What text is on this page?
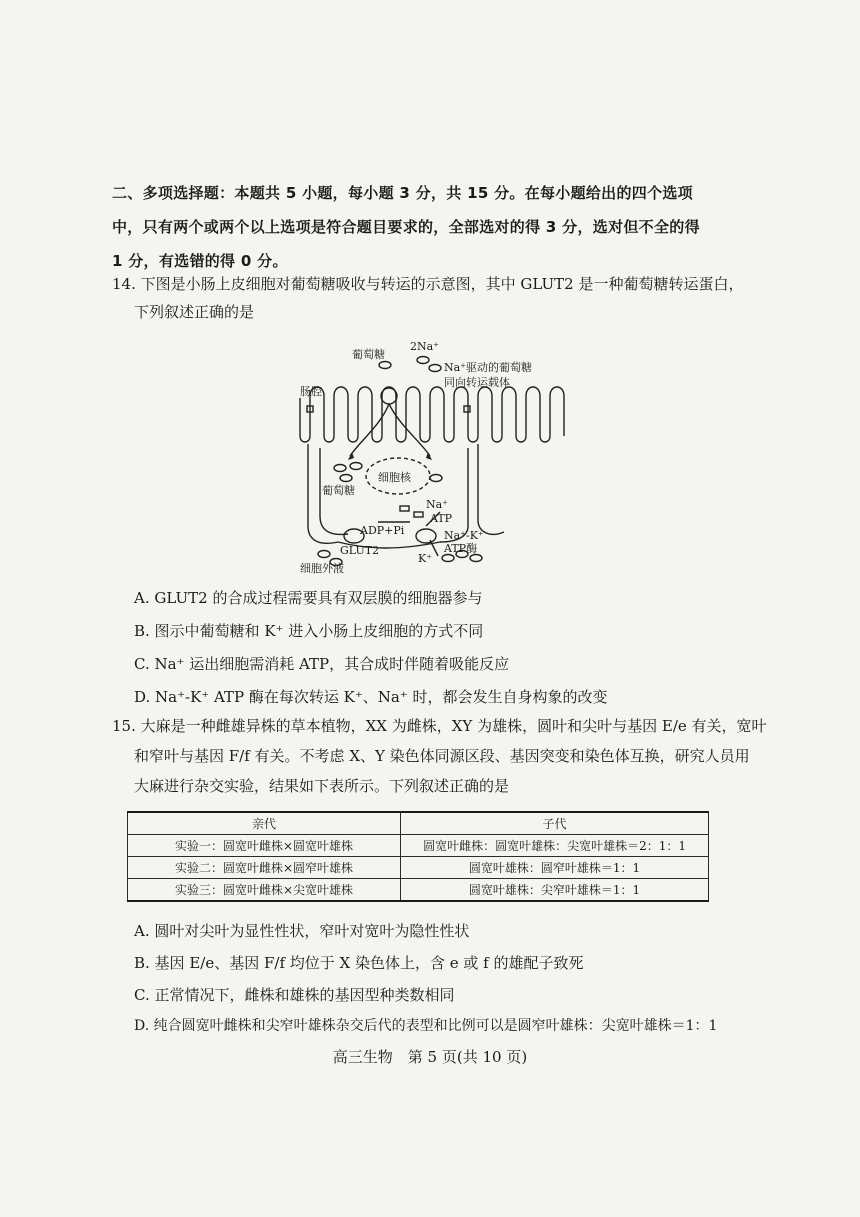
二、多项选择题：本题共 5 小题，每小题 3 分，共 15 分。在每小题给出的四个选项中，只有两个或两个以上选项是符合题目要求的，全部选对的得 3 分，选对但不全的得 1 分，有选错的得 0 分。
14. 下图是小肠上皮细胞对葡萄糖吸收与转运的示意图，其中 GLUT2 是一种葡萄糖转运蛋白，
下列叙述正确的是
葡萄糖
2Na⁺
Na⁺驱动的葡萄糖
同向转运载体
肠腔
细胞核
葡萄糖
Na⁺
ATP
ADP+Pi	Na⁺-K⁺
ATP酶
GLUT2
K⁺
细胞外液
A. GLUT2 的合成过程需要具有双层膜的细胞器参与
B. 图示中葡萄糖和 K⁺ 进入小肠上皮细胞的方式不同
C. Na⁺ 运出细胞需消耗 ATP，其合成时伴随着吸能反应
D. Na⁺-K⁺ ATP 酶在每次转运 K⁺、Na⁺ 时，都会发生自身构象的改变
15. 大麻是一种雌雄异株的草本植物，XX 为雌株，XY 为雄株，圆叶和尖叶与基因 E/e 有关，宽叶
和窄叶与基因 F/f 有关。不考虑 X、Y 染色体同源区段、基因突变和染色体互换，研究人员用
大麻进行杂交实验，结果如下表所示。下列叙述正确的是
亲代	子代
实验一：圆宽叶雌株×圆宽叶雄株	圆宽叶雌株：圆宽叶雄株：尖宽叶雄株＝2：1：1
实验二：圆宽叶雌株×圆窄叶雄株	圆宽叶雄株：圆窄叶雄株＝1：1
实验三：圆宽叶雌株×尖宽叶雄株	圆宽叶雄株：尖窄叶雄株＝1：1
A. 圆叶对尖叶为显性性状，窄叶对宽叶为隐性性状
B. 基因 E/e、基因 F/f 均位于 X 染色体上，含 e 或 f 的雄配子致死
C. 正常情况下，雌株和雄株的基因型种类数相同
D. 纯合圆宽叶雌株和尖窄叶雄株杂交后代的表型和比例可以是圆窄叶雄株：尖宽叶雄株＝1：1
高三生物　第 5 页(共 10 页)
